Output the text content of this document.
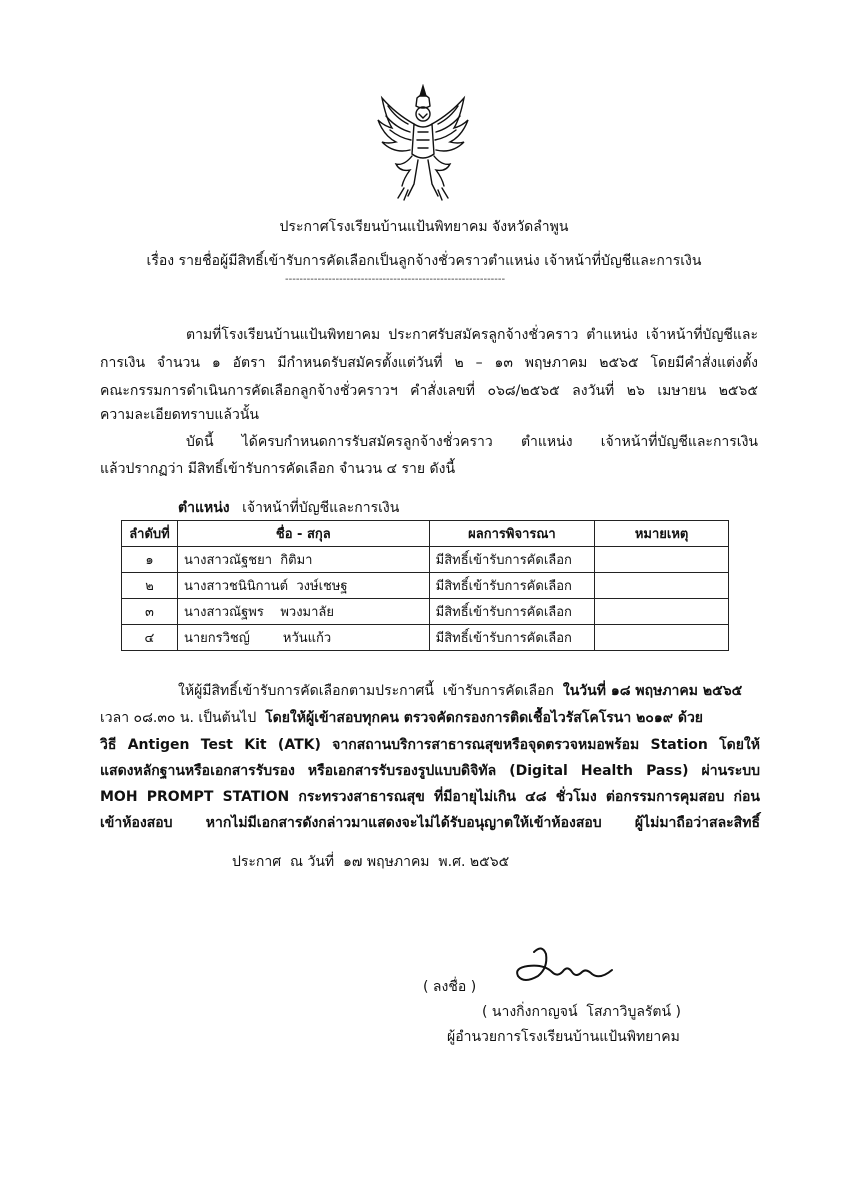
ประกาศโรงเรียนบ้านแป้นพิทยาคม จังหวัดลำพูน
เรื่อง รายชื่อผู้มีสิทธิ์เข้ารับการคัดเลือกเป็นลูกจ้างชั่วคราวตำแหน่ง เจ้าหน้าที่บัญชีและการเงิน
-------------------------------------------------------------
ตามที่โรงเรียนบ้านแป้นพิทยาคม ประกาศรับสมัครลูกจ้างชั่วคราว ตำแหน่ง เจ้าหน้าที่บัญชีและ
การเงิน จำนวน ๑ อัตรา มีกำหนดรับสมัครตั้งแต่วันที่ ๒ – ๑๓ พฤษภาคม ๒๕๖๕ โดยมีคำสั่งแต่งตั้ง
คณะกรรมการดำเนินการคัดเลือกลูกจ้างชั่วคราวฯ คำสั่งเลขที่ ๐๖๘/๒๕๖๕ ลงวันที่ ๒๖ เมษายน ๒๕๖๕
ความละเอียดทราบแล้วนั้น
บัดนี้ ได้ครบกำหนดการรับสมัครลูกจ้างชั่วคราว ตำแหน่ง เจ้าหน้าที่บัญชีและการเงิน
แล้วปรากฏว่า มีสิทธิ์เข้ารับการคัดเลือก จำนวน ๔ ราย ดังนี้
ตำแหน่ง เจ้าหน้าที่บัญชีและการเงิน
ลำดับที่	ชื่อ - สกุล	ผลการพิจารณา	หมายเหตุ
๑	นางสาวณัฐชยา  กิติมา	มีสิทธิ์เข้ารับการคัดเลือก	
๒	นางสาวชนินิกานต์  วงษ์เชษฐ	มีสิทธิ์เข้ารับการคัดเลือก	
๓	นางสาวณัฐพร    พวงมาลัย	มีสิทธิ์เข้ารับการคัดเลือก	
๔	นายกรวิชญ์        หวันแก้ว	มีสิทธิ์เข้ารับการคัดเลือก	
ให้ผู้มีสิทธิ์เข้ารับการคัดเลือกตามประกาศนี้  เข้ารับการคัดเลือก  ในวันที่ ๑๘ พฤษภาคม ๒๕๖๕
เวลา ๐๘.๓๐ น. เป็นต้นไป  โดยให้ผู้เข้าสอบทุกคน ตรวจคัดกรองการติดเชื้อไวรัสโคโรนา ๒๐๑๙ ด้วย
วิธี Antigen Test Kit (ATK) จากสถานบริการสาธารณสุขหรือจุดตรวจหมอพร้อม Station โดยให้
แสดงหลักฐานหรือเอกสารรับรอง หรือเอกสารรับรองรูปแบบดิจิทัล (Digital Health Pass) ผ่านระบบ
MOH PROMPT STATION กระทรวงสาธารณสุข ที่มีอายุไม่เกิน ๔๘ ชั่วโมง ต่อกรรมการคุมสอบ ก่อน
เข้าห้องสอบ หากไม่มีเอกสารดังกล่าวมาแสดงจะไม่ได้รับอนุญาตให้เข้าห้องสอบ ผู้ไม่มาถือว่าสละสิทธิ์
ประกาศ  ณ วันที่  ๑๗ พฤษภาคม  พ.ศ. ๒๕๖๕
( ลงชื่อ )
( นางกิ่งกาญจน์  โสภาวิบูลรัตน์ )
ผู้อำนวยการโรงเรียนบ้านแป้นพิทยาคม
